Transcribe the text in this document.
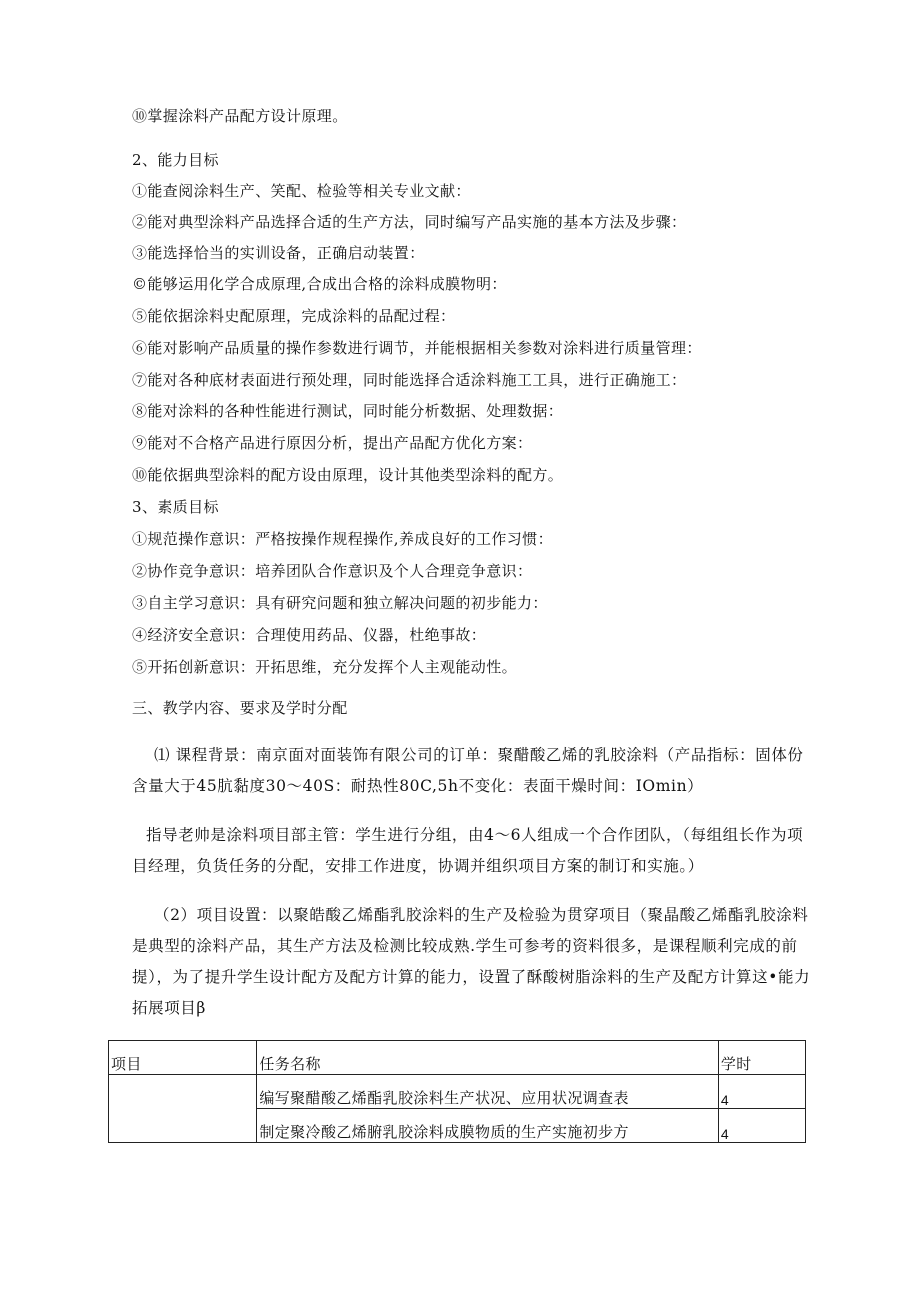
⑩掌握涂料产品配方设计原理。
2、能力目标
①能查阅涂料生产、笑配、检验等相关专业文献：
②能对典型涂料产品选择合适的生产方法，同时编写产品实施的基本方法及步骤：
③能选择恰当的实训设备，正确启动装置：
©能够运用化学合成原理,合成出合格的涂料成膜物明：
⑤能依据涂料史配原理，完成涂料的品配过程：
⑥能对影响产品质量的操作参数进行调节，并能根据相关参数对涂料进行质量管理：
⑦能对各种底材表面进行预处理，同时能选择合适涂料施工工具，进行正确施工：
⑧能对涂料的各种性能进行测试，同时能分析数据、处理数据：
⑨能对不合格产品进行原因分析，提出产品配方优化方案：
⑩能依据典型涂料的配方设由原理，设计其他类型涂料的配方。
3、素质目标
①规范操作意识：严格按操作规程操作,养成良好的工作习惯：
②协作竞争意识：培养团队合作意识及个人合理竞争意识：
③自主学习意识：具有研究问题和独立解决问题的初步能力：
④经济安全意识：合理使用药品、仪器，杜绝事故：
⑤开拓创新意识：开拓思维，充分发挥个人主观能动性。
三、教学内容、要求及学时分配
⑴ 课程背景：南京面对面装饰有限公司的订单：聚醋酸乙烯的乳胶涂料（产品指标：固体份含量大于45肮黏度30〜40S：耐热性80C,5h不变化：表面干燥时间：IOmin）
指导老帅是涂料项目部主管：学生进行分组，由4〜6人组成一个合作团队，（每组组长作为项目经理，负货任务的分配，安排工作进度，协调并组织项目方案的制订和实施。）
（2）项目设置：以聚皓酸乙烯酯乳胶涂料的生产及检验为贯穿项目（聚晶酸乙烯酯乳胶涂料是典型的涂料产品，其生产方法及检测比较成熟.学生可参考的资料很多，是课程顺利完成的前提），为了提升学生设计配方及配方计算的能力，设置了酥酸树脂涂料的生产及配方计算这•能力拓展项目β
项目	任务名称	学时
	编写聚醋酸乙烯酯乳胶涂料生产状况、应用状况调查表	4
	制定聚冷酸乙烯腑乳胶涂料成膜物质的生产实施初步方	4
